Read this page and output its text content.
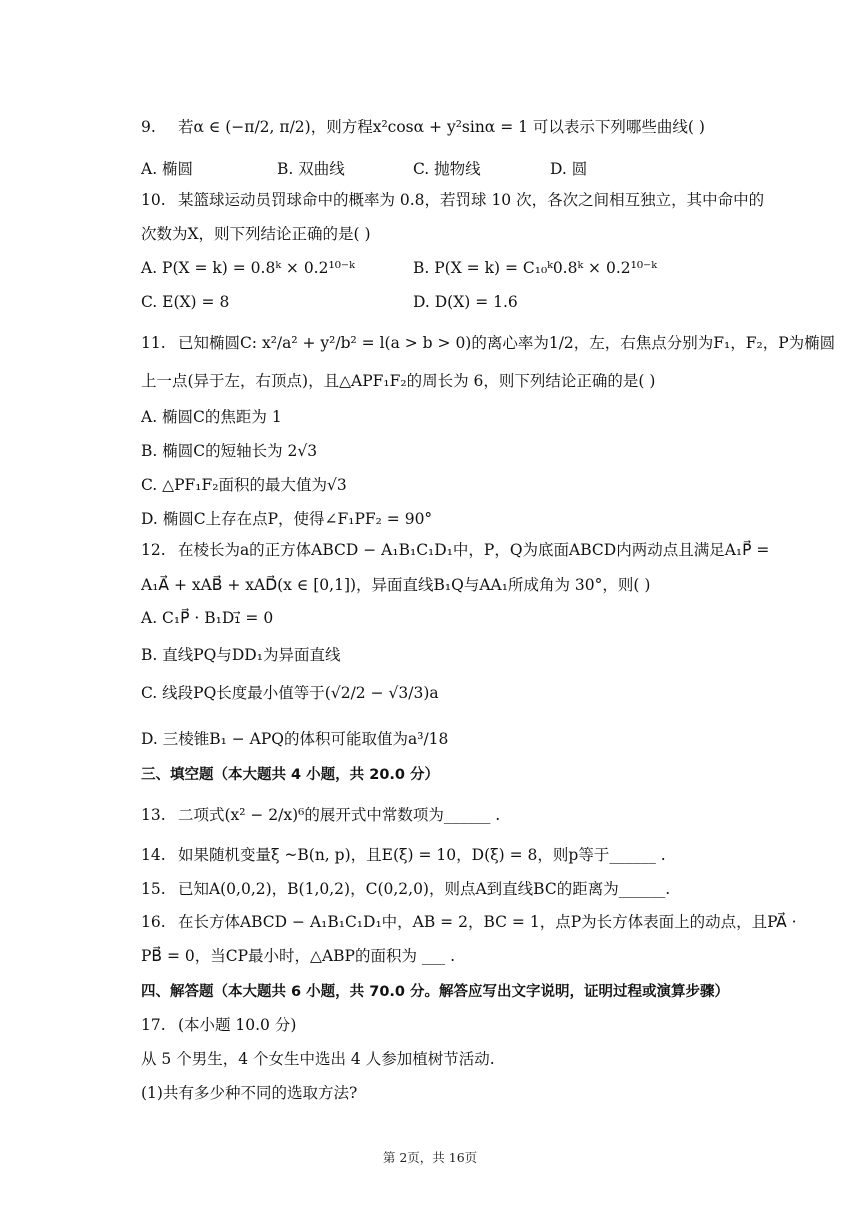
9. 若α ∈ (−π/2, π/2)，则方程x²cosα + y²sinα = 1 可以表示下列哪些曲线( )
A. 椭圆	B. 双曲线	C. 抛物线	D. 圆
10. 某篮球运动员罚球命中的概率为 0.8，若罚球 10 次，各次之间相互独立，其中命中的
次数为X，则下列结论正确的是( )
A. P(X = k) = 0.8ᵏ × 0.2¹⁰⁻ᵏ	B. P(X = k) = C₁₀ᵏ0.8ᵏ × 0.2¹⁰⁻ᵏ
C. E(X) = 8	D. D(X) = 1.6
11. 已知椭圆C: x²/a² + y²/b² = l(a > b > 0)的离心率为1/2，左，右焦点分别为F₁，F₂，P为椭圆
上一点(异于左，右顶点)，且△APF₁F₂的周长为 6，则下列结论正确的是( )
A. 椭圆C的焦距为 1
B. 椭圆C的短轴长为 2√3
C. △PF₁F₂面积的最大值为√3
D. 椭圆C上存在点P，使得∠F₁PF₂ = 90°
12. 在棱长为a的正方体ABCD − A₁B₁C₁D₁中，P，Q为底面ABCD内两动点且满足A₁P⃗ =
A₁A⃗ + xAB⃗ + xAD⃗(x ∈ [0,1])，异面直线B₁Q与AA₁所成角为 30°，则( )
A. C₁P⃗ · B₁D₁⃗ = 0
B. 直线PQ与DD₁为异面直线
C. 线段PQ长度最小值等于(√2/2 − √3/3)a
D. 三棱锥B₁ − APQ的体积可能取值为a³/18
三、填空题（本大题共 4 小题，共 20.0 分）
13. 二项式(x² − 2/x)⁶的展开式中常数项为______ .
14. 如果随机变量ξ ~B(n, p)，且E(ξ) = 10，D(ξ) = 8，则p等于______ .
15. 已知A(0,0,2)，B(1,0,2)，C(0,2,0)，则点A到直线BC的距离为______.
16. 在长方体ABCD − A₁B₁C₁D₁中，AB = 2，BC = 1，点P为长方体表面上的动点，且PA⃗ ·
PB⃗ = 0，当CP最小时，△ABP的面积为 ___ .
四、解答题（本大题共 6 小题，共 70.0 分。解答应写出文字说明，证明过程或演算步骤）
17. (本小题 10.0 分)
从 5 个男生，4 个女生中选出 4 人参加植树节活动.
(1)共有多少种不同的选取方法?
第 2页，共 16页
